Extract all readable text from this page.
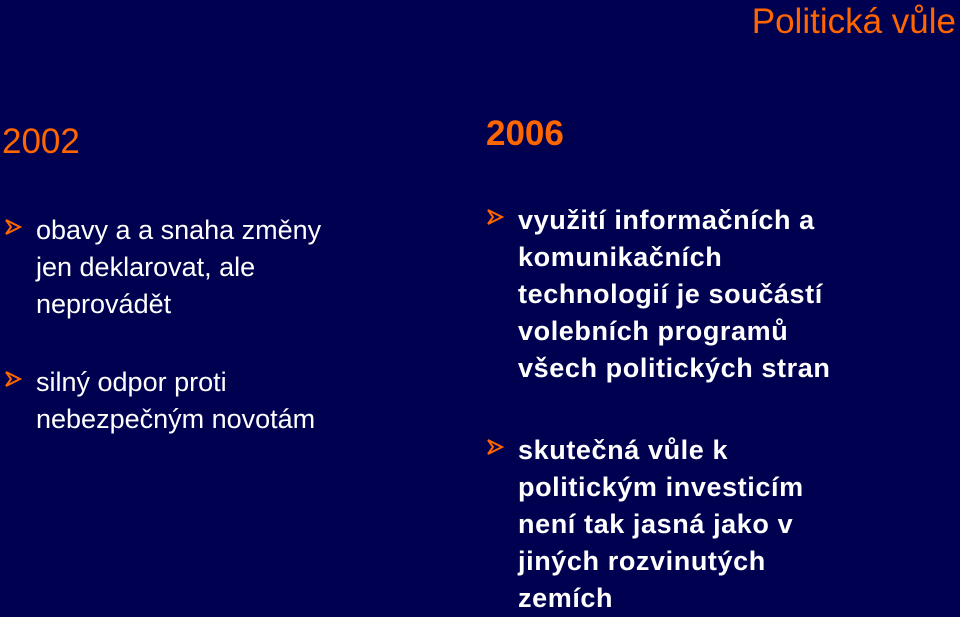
Politická vůle
2002
obavy a a snaha změny
jen deklarovat, ale
neprovádět
silný odpor proti
nebezpečným novotám
2006
využití informačních a
komunikačních
technologií je součástí
volebních programů
všech politických stran
skutečná vůle k
politickým investicím
není tak jasná jako v
jiných rozvinutých
zemích
